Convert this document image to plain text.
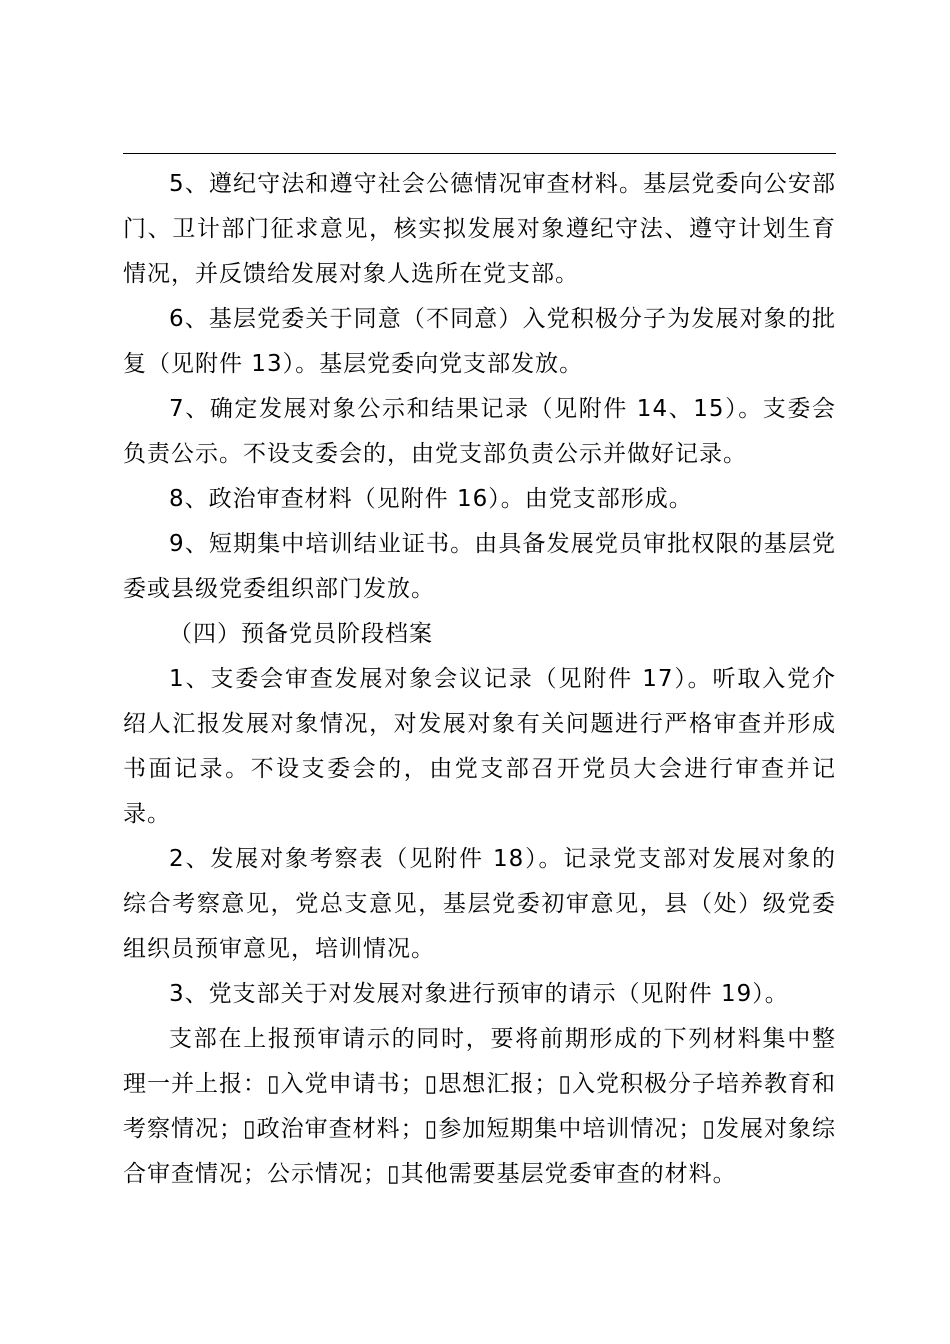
5、遵纪守法和遵守社会公德情况审查材料。基层党委向公安部门、卫计部门征求意见，核实拟发展对象遵纪守法、遵守计划生育情况，并反馈给发展对象人选所在党支部。

6、基层党委关于同意（不同意）入党积极分子为发展对象的批复（见附件 13）。基层党委向党支部发放。

7、确定发展对象公示和结果记录（见附件 14、15）。支委会负责公示。不设支委会的，由党支部负责公示并做好记录。

8、政治审查材料（见附件 16）。由党支部形成。

9、短期集中培训结业证书。由具备发展党员审批权限的基层党委或县级党委组织部门发放。

（四）预备党员阶段档案

1、支委会审查发展对象会议记录（见附件 17）。听取入党介绍人汇报发展对象情况，对发展对象有关问题进行严格审查并形成书面记录。不设支委会的，由党支部召开党员大会进行审查并记录。

2、发展对象考察表（见附件 18）。记录党支部对发展对象的综合考察意见，党总支意见，基层党委初审意见，县（处）级党委组织员预审意见，培训情况。

3、党支部关于对发展对象进行预审的请示（见附件 19）。

支部在上报预审请示的同时，要将前期形成的下列材料集中整理一并上报：▯入党申请书；▯思想汇报；▯入党积极分子培养教育和考察情况；▯政治审查材料；▯参加短期集中培训情况；▯发展对象综合审查情况；公示情况；▯其他需要基层党委审查的材料。
